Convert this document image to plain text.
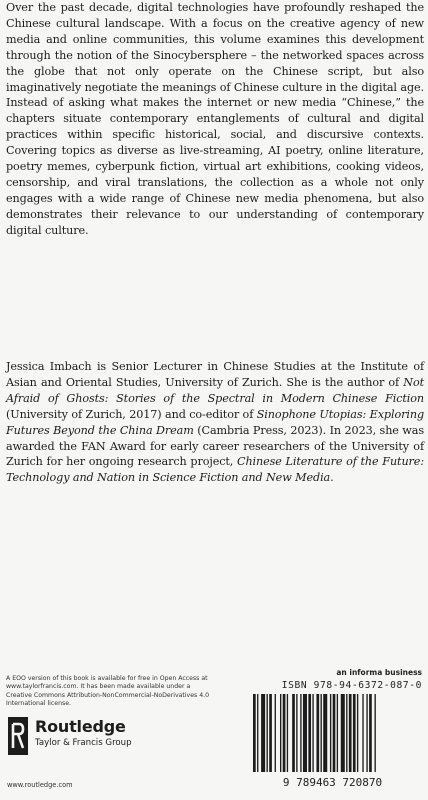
Over the past decade, digital technologies have profoundly reshaped the Chinese cultural landscape. With a focus on the creative agency of new media and online communities, this volume examines this development through the notion of the Sinocybersphere – the networked spaces across the globe that not only operate on the Chinese script, but also imaginatively negotiate the meanings of Chinese culture in the digital age. Instead of asking what makes the internet or new media “Chinese,” the chapters situate contemporary entanglements of cultural and digital practices within specific historical, social, and discursive contexts. Covering topics as diverse as live-streaming, AI poetry, online literature, poetry memes, cyberpunk fiction, virtual art exhibitions, cooking videos, censorship, and viral translations, the collection as a whole not only engages with a wide range of Chinese new media phenomena, but also demonstrates their relevance to our understanding of contemporary digital culture.

Jessica Imbach is Senior Lecturer in Chinese Studies at the Institute of Asian and Oriental Studies, University of Zurich. She is the author of Not Afraid of Ghosts: Stories of the Spectral in Modern Chinese Fiction (University of Zurich, 2017) and co-editor of Sinophone Utopias: Exploring Futures Beyond the China Dream (Cambria Press, 2023). In 2023, she was awarded the FAN Award for early career researchers of the University of Zurich for her ongoing research project, Chinese Literature of the Future: Technology and Nation in Science Fiction and New Media.

A EOO version of this book is available for free in Open Access at www.taylorfrancis.com. It has been made available under a Creative Commons Attribution-NonCommercial-NoDerivatives 4.0 International license.
an informa business
ISBN 978-94-6372-087-0
9 789463 720870
Routledge
Taylor & Francis Group
www.routledge.com
